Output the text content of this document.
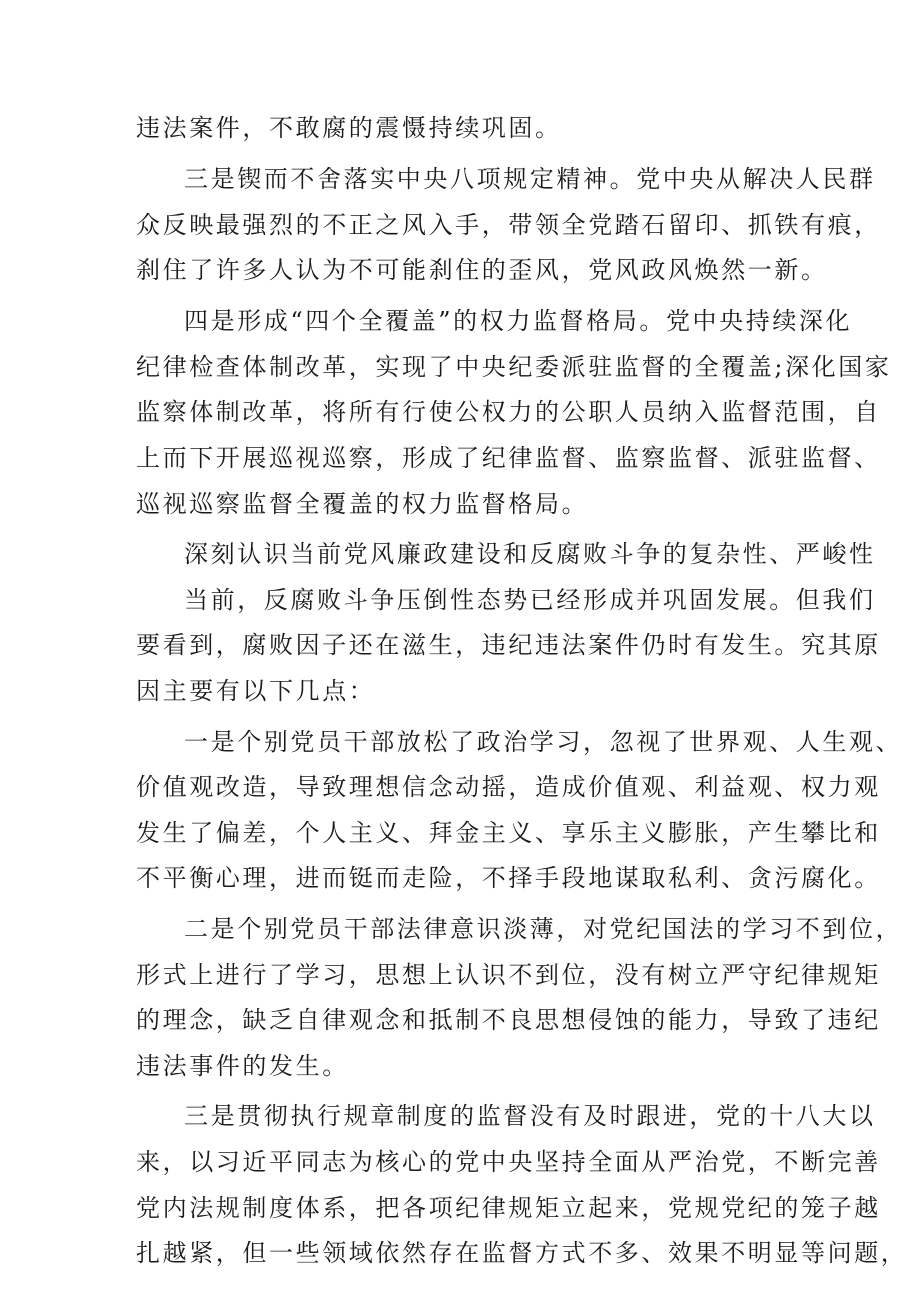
违法案件，不敢腐的震慑持续巩固。

三是锲而不舍落实中央八项规定精神。党中央从解决人民群

众反映最强烈的不正之风入手，带领全党踏石留印、抓铁有痕，

刹住了许多人认为不可能刹住的歪风，党风政风焕然一新。

四是形成“四个全覆盖”的权力监督格局。党中央持续深化

纪律检查体制改革，实现了中央纪委派驻监督的全覆盖;深化国家

监察体制改革，将所有行使公权力的公职人员纳入监督范围，自

上而下开展巡视巡察，形成了纪律监督、监察监督、派驻监督、

巡视巡察监督全覆盖的权力监督格局。

深刻认识当前党风廉政建设和反腐败斗争的复杂性、严峻性

当前，反腐败斗争压倒性态势已经形成并巩固发展。但我们

要看到，腐败因子还在滋生，违纪违法案件仍时有发生。究其原

因主要有以下几点：

一是个别党员干部放松了政治学习，忽视了世界观、人生观、

价值观改造，导致理想信念动摇，造成价值观、利益观、权力观

发生了偏差，个人主义、拜金主义、享乐主义膨胀，产生攀比和

不平衡心理，进而铤而走险，不择手段地谋取私利、贪污腐化。

二是个别党员干部法律意识淡薄，对党纪国法的学习不到位，

形式上进行了学习，思想上认识不到位，没有树立严守纪律规矩

的理念，缺乏自律观念和抵制不良思想侵蚀的能力，导致了违纪

违法事件的发生。

三是贯彻执行规章制度的监督没有及时跟进，党的十八大以

来，以习近平同志为核心的党中央坚持全面从严治党，不断完善

党内法规制度体系，把各项纪律规矩立起来，党规党纪的笼子越

扎越紧，但一些领域依然存在监督方式不多、效果不明显等问题，
